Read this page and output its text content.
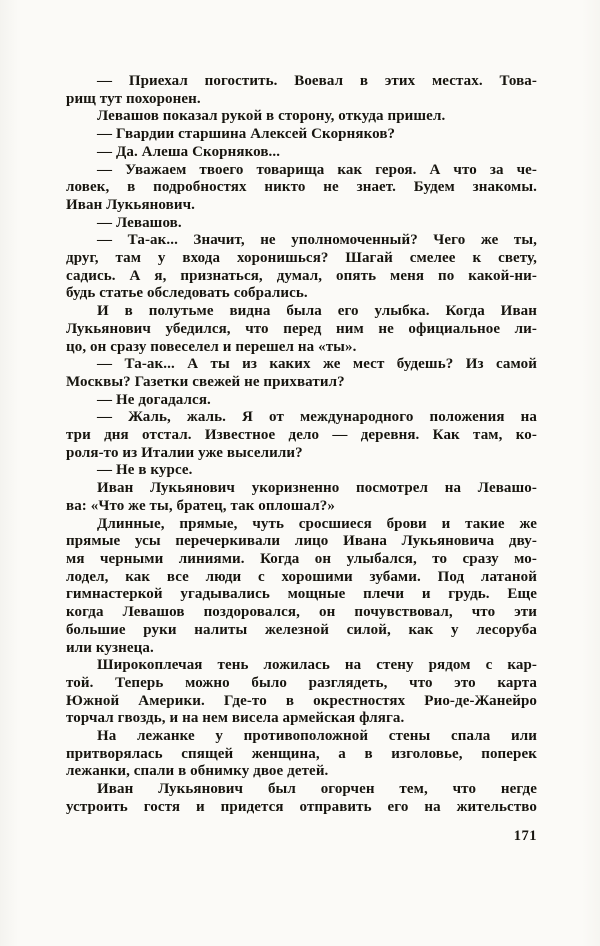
— Приехал погостить. Воевал в этих местах. Това-
рищ тут похоронен.
Левашов показал рукой в сторону, откуда пришел.
— Гвардии старшина Алексей Скорняков?
— Да. Алеша Скорняков...
— Уважаем твоего товарища как героя. А что за че-
ловек, в подробностях никто не знает. Будем знакомы.
Иван Лукьянович.
— Левашов.
— Та-ак... Значит, не уполномоченный? Чего же ты,
друг, там у входа хоронишься? Шагай смелее к свету,
садись. А я, признаться, думал, опять меня по какой-ни-
будь статье обследовать собрались.
И в полутьме видна была его улыбка. Когда Иван
Лукьянович убедился, что перед ним не официальное ли-
цо, он сразу повеселел и перешел на «ты».
— Та-ак... А ты из каких же мест будешь? Из самой
Москвы? Газетки свежей не прихватил?
— Не догадался.
— Жаль, жаль. Я от международного положения на
три дня отстал. Известное дело — деревня. Как там, ко-
роля-то из Италии уже выселили?
— Не в курсе.
Иван Лукьянович укоризненно посмотрел на Левашо-
ва: «Что же ты, братец, так оплошал?»
Длинные, прямые, чуть сросшиеся брови и такие же
прямые усы перечеркивали лицо Ивана Лукьяновича дву-
мя черными линиями. Когда он улыбался, то сразу мо-
лодел, как все люди с хорошими зубами. Под латаной
гимнастеркой угадывались мощные плечи и грудь. Еще
когда Левашов поздоровался, он почувствовал, что эти
большие руки налиты железной силой, как у лесоруба
или кузнеца.
Широкоплечая тень ложилась на стену рядом с кар-
той. Теперь можно было разглядеть, что это карта
Южной Америки. Где-то в окрестностях Рио-де-Жанейро
торчал гвоздь, и на нем висела армейская фляга.
На лежанке у противоположной стены спала или
притворялась спящей женщина, а в изголовье, поперек
лежанки, спали в обнимку двое детей.
Иван Лукьянович был огорчен тем, что негде
устроить гостя и придется отправить его на жительство
171
